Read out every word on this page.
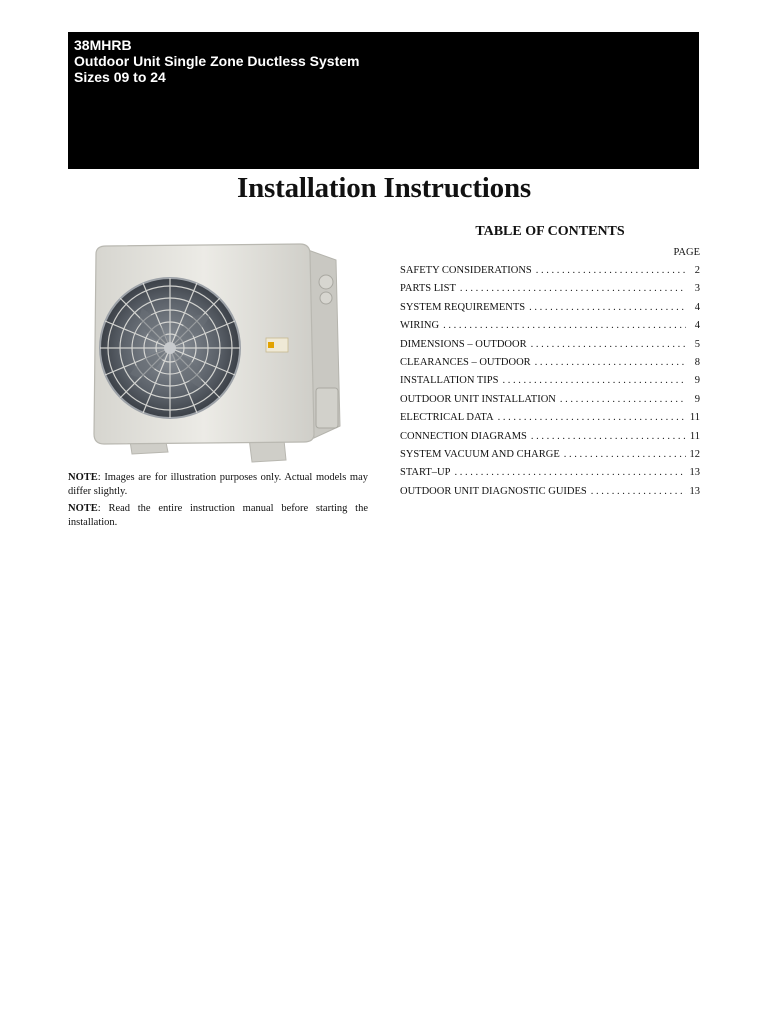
38MHRB
Outdoor Unit Single Zone Ductless System
Sizes 09 to 24
Installation Instructions

NOTE: Images are for illustration purposes only. Actual models may differ slightly.

NOTE: Read the entire instruction manual before starting the installation.

TABLE OF CONTENTS
PAGE
SAFETY CONSIDERATIONS . . .	2
PARTS LIST . . .	3
SYSTEM REQUIREMENTS . . .	4
WIRING . . .	4
DIMENSIONS – OUTDOOR . . .	5
CLEARANCES – OUTDOOR . . .	8
INSTALLATION TIPS . . .	9
OUTDOOR UNIT INSTALLATION . . .	9
ELECTRICAL DATA . . .	11
CONNECTION DIAGRAMS . . .	11
SYSTEM VACUUM AND CHARGE . . .	12
START–UP . . .	13
OUTDOOR UNIT DIAGNOSTIC GUIDES . . .	13
